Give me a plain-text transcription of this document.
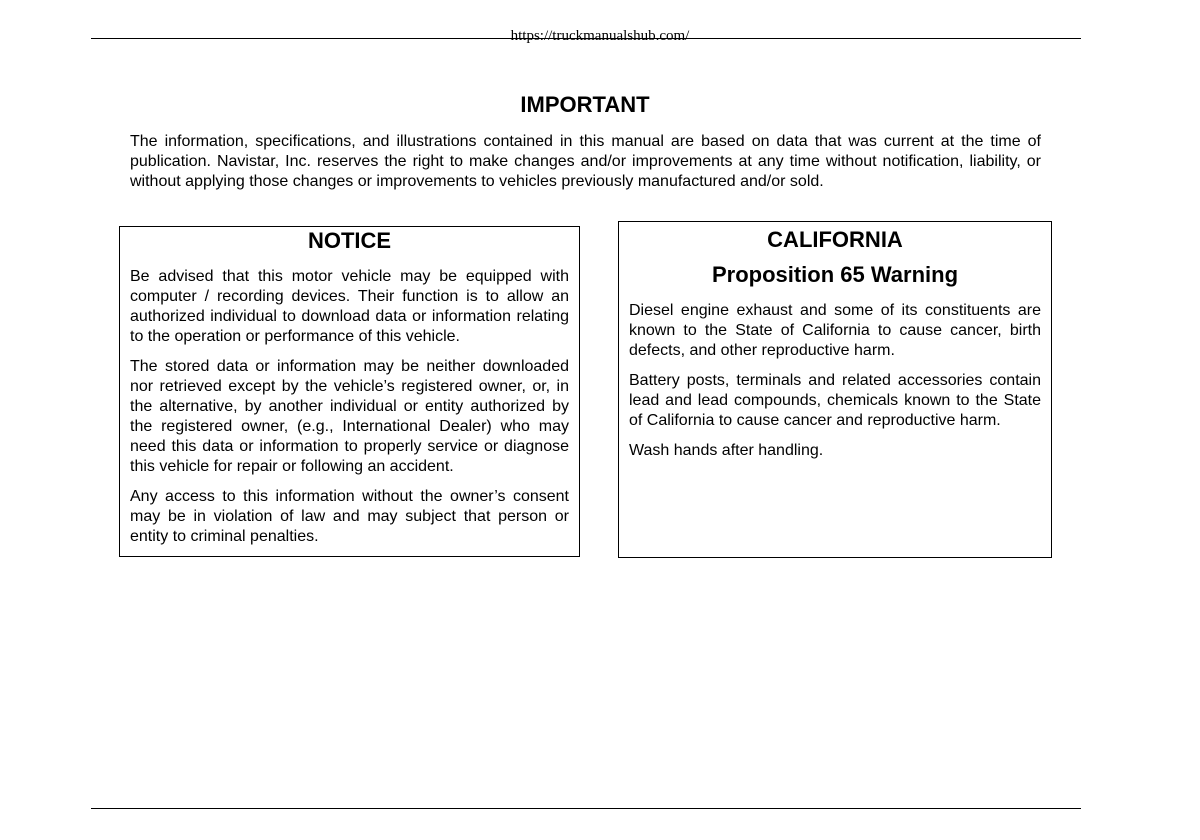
https://truckmanualshub.com/
IMPORTANT

The information, specifications, and illustrations contained in this manual are based on data that was current at the time of publication. Navistar, Inc. reserves the right to make changes and/or improvements at any time without notification, liability, or without applying those changes or improvements to vehicles previously manufactured and/or sold.

NOTICE

Be advised that this motor vehicle may be equipped with computer / recording devices. Their function is to allow an authorized individual to download data or information relating to the operation or performance of this vehicle.

The stored data or information may be neither downloaded nor retrieved except by the vehicle’s registered owner, or, in the alternative, by another individual or entity authorized by the registered owner, (e.g., International Dealer) who may need this data or information to properly service or diagnose this vehicle for repair or following an accident.

Any access to this information without the owner’s consent may be in violation of law and may subject that person or entity to criminal penalties.

CALIFORNIA

Proposition 65 Warning

Diesel engine exhaust and some of its constituents are known to the State of California to cause cancer, birth defects, and other reproductive harm.

Battery posts, terminals and related accessories contain lead and lead compounds, chemicals known to the State of California to cause cancer and reproductive harm.

Wash hands after handling.
